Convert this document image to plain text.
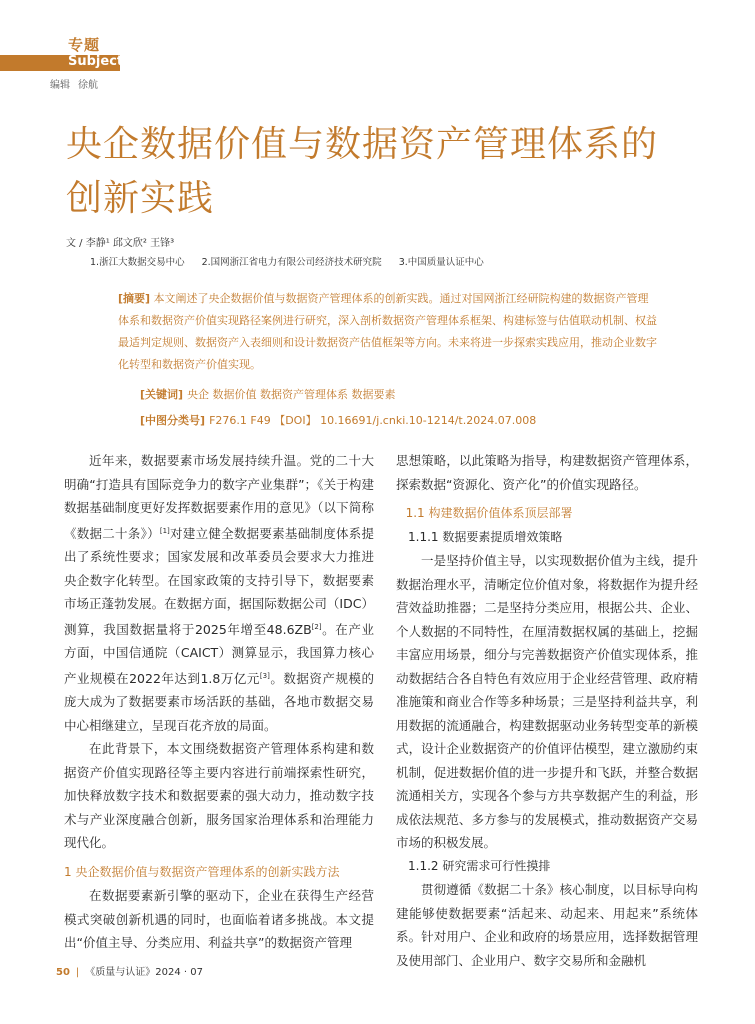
专题
Subject
编辑 徐航
央企数据价值与数据资产管理体系的
创新实践
文 / 李静¹ 邱文欣² 王锋³
1.浙江大数据交易中心 2.国网浙江省电力有限公司经济技术研究院 3.中国质量认证中心
[摘要] 本文阐述了央企数据价值与数据资产管理体系的创新实践。通过对国网浙江经研院构建的数据资产管理体系和数据资产价值实现路径案例进行研究，深入剖析数据资产管理体系框架、构建标签与估值联动机制、权益最适判定规则、数据资产入表细则和设计数据资产估值框架等方向。未来将进一步探索实践应用，推动企业数字化转型和数据资产价值实现。
[关键词] 央企 数据价值 数据资产管理体系 数据要素
[中图分类号] F276.1 F49 【DOI】 10.16691/j.cnki.10-1214/t.2024.07.008

近年来，数据要素市场发展持续升温。党的二十大明确“打造具有国际竞争力的数字产业集群”；《关于构建数据基础制度更好发挥数据要素作用的意见》（以下简称《数据二十条》）[1]对建立健全数据要素基础制度体系提出了系统性要求；国家发展和改革委员会要求大力推进央企数字化转型。在国家政策的支持引导下，数据要素市场正蓬勃发展。在数据方面，据国际数据公司（IDC）测算，我国数据量将于2025年增至48.6ZB[2]。在产业方面，中国信通院（CAICT）测算显示，我国算力核心产业规模在2022年达到1.8万亿元[3]。数据资产规模的庞大成为了数据要素市场活跃的基础，各地市数据交易中心相继建立，呈现百花齐放的局面。

在此背景下，本文围绕数据资产管理体系构建和数据资产价值实现路径等主要内容进行前端探索性研究，加快释放数字技术和数据要素的强大动力，推动数字技术与产业深度融合创新，服务国家治理体系和治理能力现代化。

1 央企数据价值与数据资产管理体系的创新实践方法

在数据要素新引擎的驱动下，企业在获得生产经营模式突破创新机遇的同时，也面临着诸多挑战。本文提出“价值主导、分类应用、利益共享”的数据资产管理

思想策略，以此策略为指导，构建数据资产管理体系，探索数据“资源化、资产化”的价值实现路径。

1.1 构建数据价值体系顶层部署

1.1.1 数据要素提质增效策略

一是坚持价值主导，以实现数据价值为主线，提升数据治理水平，清晰定位价值对象，将数据作为提升经营效益助推器；二是坚持分类应用，根据公共、企业、个人数据的不同特性，在厘清数据权属的基础上，挖掘丰富应用场景，细分与完善数据资产价值实现体系，推动数据结合各自特色有效应用于企业经营管理、政府精准施策和商业合作等多种场景；三是坚持利益共享，利用数据的流通融合，构建数据驱动业务转型变革的新模式，设计企业数据资产的价值评估模型，建立激励约束机制，促进数据价值的进一步提升和飞跃，并整合数据流通相关方，实现各个参与方共享数据产生的利益，形成依法规范、多方参与的发展模式，推动数据资产交易市场的积极发展。

1.1.2 研究需求可行性摸排

贯彻遵循《数据二十条》核心制度，以目标导向构建能够使数据要素“活起来、动起来、用起来”系统体系。针对用户、企业和政府的场景应用，选择数据管理及使用部门、企业用户、数字交易所和金融机

50 | 《质量与认证》2024 · 07
